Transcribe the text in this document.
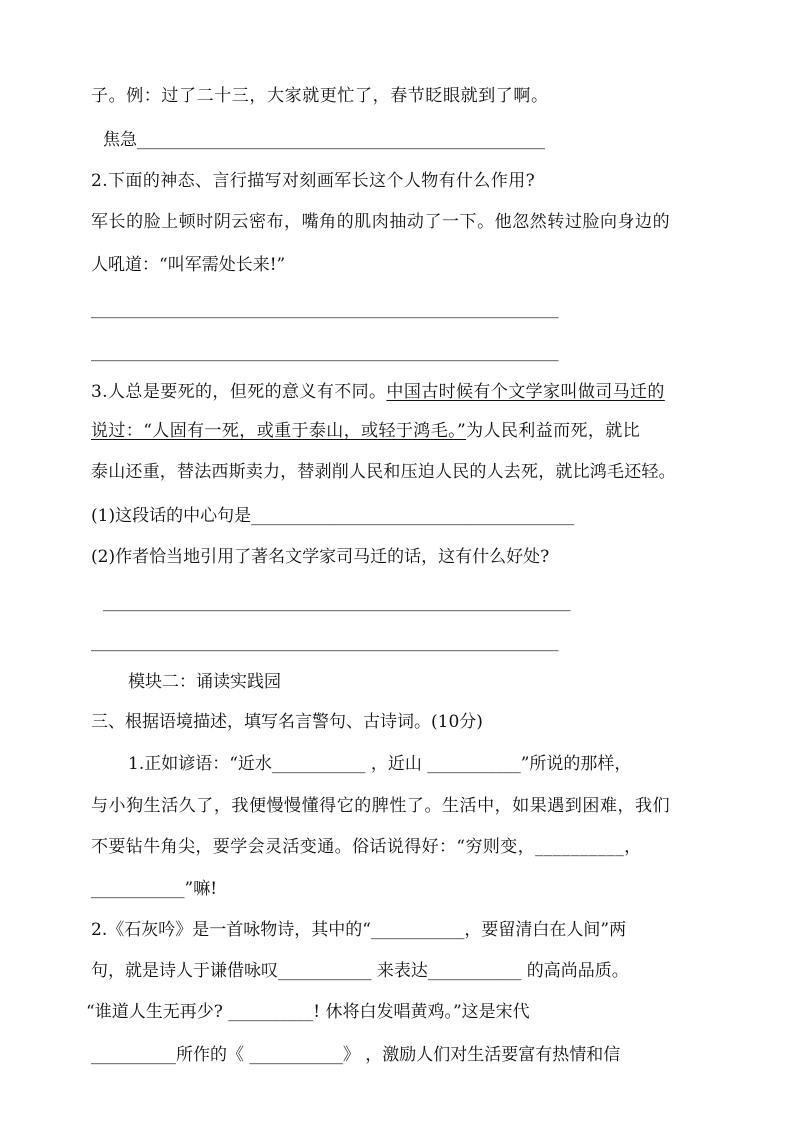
子。例：过了二十三，大家就更忙了，春节眨眼就到了啊。
焦急________________________________________________
2.下面的神态、言行描写对刻画军长这个人物有什么作用?
军长的脸上顿时阴云密布，嘴角的肌肉抽动了一下。他忽然转过脸向身边的
人吼道：“叫军需处长来!”
_______________________________________________________
_______________________________________________________
3.人总是要死的，但死的意义有不同。中国古时候有个文学家叫做司马迁的
说过：“人固有一死，或重于泰山，或轻于鸿毛。”为人民利益而死，就比
泰山还重，替法西斯卖力，替剥削人民和压迫人民的人去死，就比鸿毛还轻。
(1)这段话的中心句是______________________________________
(2)作者恰当地引用了著名文学家司马迁的话，这有什么好处?
_______________________________________________________
_______________________________________________________
模块二：诵读实践园
三、根据语境描述，填写名言警句、古诗词。(10分)
1.正如谚语：“近水___________ ，近山 ___________”所说的那样，
与小狗生活久了，我便慢慢懂得它的脾性了。生活中，如果遇到困难，我们
不要钻牛角尖，要学会灵活变通。俗话说得好：“穷则变，__________，
___________”嘛!
2.《石灰吟》是一首咏物诗，其中的“___________，要留清白在人间”两
句，就是诗人于谦借咏叹___________ 来表达___________ 的高尚品质。
“谁道人生无再少? __________! 休将白发唱黄鸡。”这是宋代
__________所作的《 ___________》 ，激励人们对生活要富有热情和信
